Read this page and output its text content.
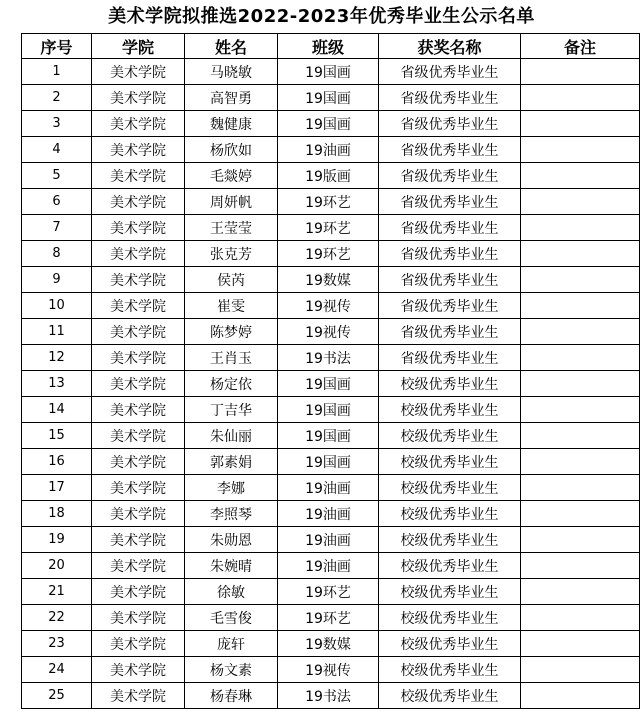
美术学院拟推选2022-2023年优秀毕业生公示名单
序号	学院	姓名	班级	获奖名称	备注
1	美术学院	马晓敏	19国画	省级优秀毕业生	
2	美术学院	高智勇	19国画	省级优秀毕业生	
3	美术学院	魏健康	19国画	省级优秀毕业生	
4	美术学院	杨欣如	19油画	省级优秀毕业生	
5	美术学院	毛燚婷	19版画	省级优秀毕业生	
6	美术学院	周妍帆	19环艺	省级优秀毕业生	
7	美术学院	王莹莹	19环艺	省级优秀毕业生	
8	美术学院	张克芳	19环艺	省级优秀毕业生	
9	美术学院	侯芮	19数媒	省级优秀毕业生	
10	美术学院	崔雯	19视传	省级优秀毕业生	
11	美术学院	陈梦婷	19视传	省级优秀毕业生	
12	美术学院	王肖玉	19书法	省级优秀毕业生	
13	美术学院	杨定依	19国画	校级优秀毕业生	
14	美术学院	丁吉华	19国画	校级优秀毕业生	
15	美术学院	朱仙丽	19国画	校级优秀毕业生	
16	美术学院	郭素娟	19国画	校级优秀毕业生	
17	美术学院	李娜	19油画	校级优秀毕业生	
18	美术学院	李照琴	19油画	校级优秀毕业生	
19	美术学院	朱勋恩	19油画	校级优秀毕业生	
20	美术学院	朱婉晴	19油画	校级优秀毕业生	
21	美术学院	徐敏	19环艺	校级优秀毕业生	
22	美术学院	毛雪俊	19环艺	校级优秀毕业生	
23	美术学院	庞轩	19数媒	校级优秀毕业生	
24	美术学院	杨文素	19视传	校级优秀毕业生	
25	美术学院	杨春琳	19书法	校级优秀毕业生	
